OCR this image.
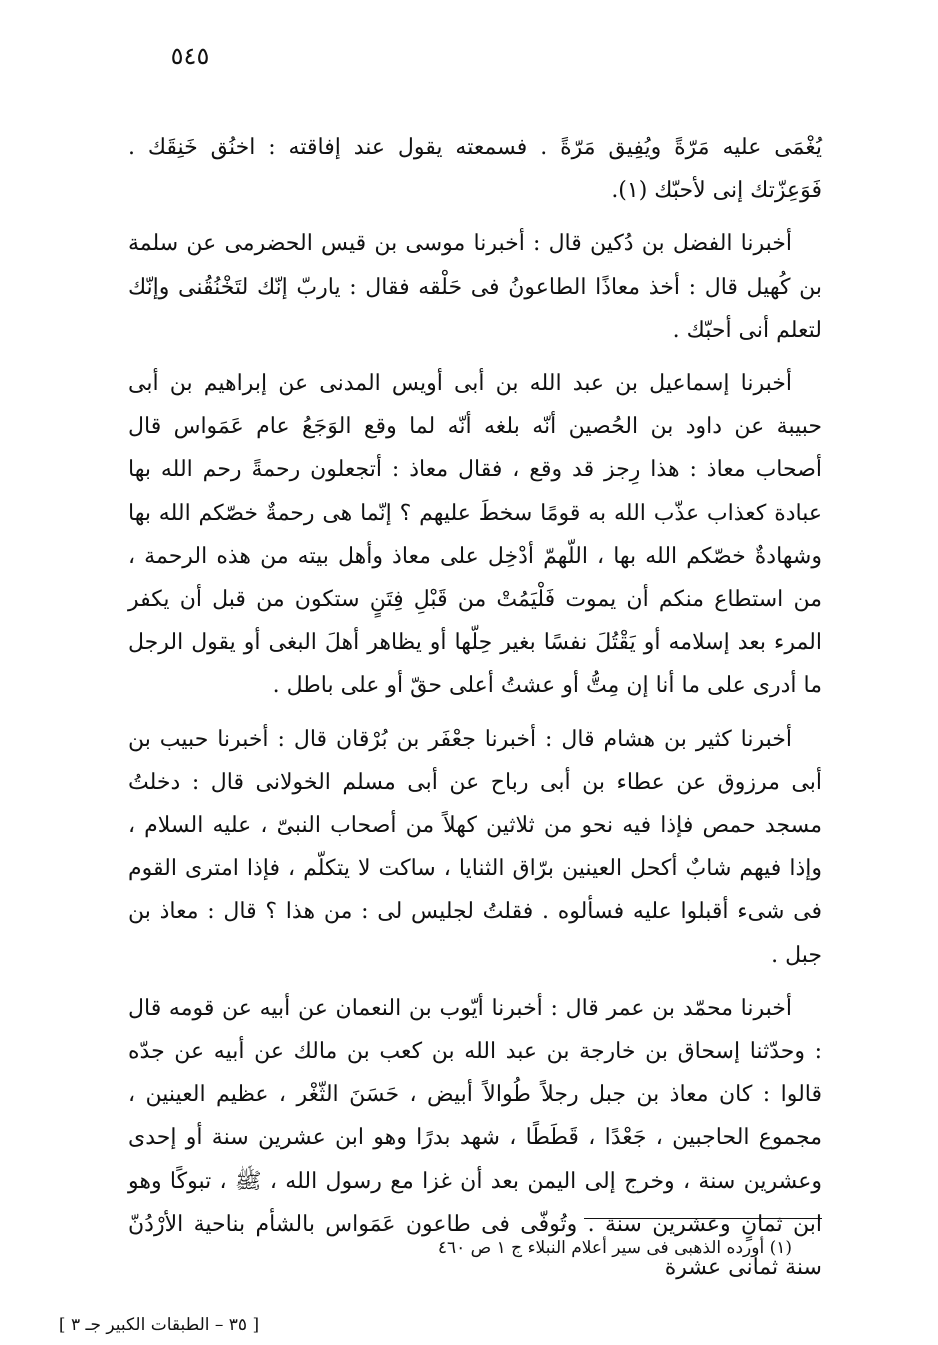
٥٤٥

يُغْمَى عليه مَرّةً ويُفِيق مَرّةً . فسمعته يقول عند إفاقته : اخنُق خَنِقَك . فَوَعِزّتك إنى لأحبّك (١).

أخبرنا الفضل بن دُكين قال : أخبرنا موسى بن قيس الحضرمى عن سلمة بن كُهيل قال : أخذ معاذًا الطاعونُ فى حَلْقه فقال : ياربّ إنّك لتَخْنُقُنى وإنّك لتعلم أنى أحبّك .

أخبرنا إسماعيل بن عبد الله بن أبى أويس المدنى عن إبراهيم بن أبى حبيبة عن داود بن الحُصين أنّه بلغه أنّه لما وقع الوَجَعُ عام عَمَواس قال أصحاب معاذ : هذا رِجز قد وقع ، فقال معاذ : أتجعلون رحمةً رحم الله بها عبادة كعذاب عذّب الله به قومًا سخطَ عليهم ؟ إنّما هى رحمةٌ خصّكم الله بها وشهادةٌ خصّكم الله بها ، اللّهمّ أدْخِل على معاذ وأهل بيته من هذه الرحمة ، من استطاع منكم أن يموت فَلْيَمُتْ من قَبْلِ فِتَنٍ ستكون من قبل أن يكفر المرء بعد إسلامه أو يَقْتُلَ نفسًا بغير حِلّها أو يظاهر أهلَ البغى أو يقول الرجل ما أدرى على ما أنا إن مِتُّ أو عشتُ أعلى حقّ أو على باطل .

أخبرنا كثير بن هشام قال : أخبرنا جعْفَر بن بُرْقان قال : أخبرنا حبيب بن أبى مرزوق عن عطاء بن أبى رباح عن أبى مسلم الخولانى قال : دخلتُ مسجد حمص فإذا فيه نحو من ثلاثين كهلاً من أصحاب النبىّ ، عليه السلام ، وإذا فيهم شابٌ أكحل العينين برّاق الثنايا ، ساكت لا يتكلّم ، فإذا امترى القوم فى شىء أقبلوا عليه فسألوه . فقلتُ لجليس لى : من هذا ؟ قال : معاذ بن جبل .

أخبرنا محمّد بن عمر قال : أخبرنا أيّوب بن النعمان عن أبيه عن قومه قال : وحدّثنا إسحاق بن خارجة بن عبد الله بن كعب بن مالك عن أبيه عن جدّه قالوا : كان معاذ بن جبل رجلاً طُوالاً أبيض ، حَسَنَ الثّغْر ، عظيم العينين ، مجموع الحاجبين ، جَعْدًا ، قَطَطًا ، شهد بدرًا وهو ابن عشرين سنة أو إحدى وعشرين سنة ، وخرج إلى اليمن بعد أن غزا مع رسول الله ، ﷺ ، تبوكًا وهو ابن ثمانٍ وعشرين سنة . وتُوفّى فى طاعون عَمَواس بالشأم بناحية الأرْدُنّ سنة ثمانى عشرة

(١) أورده الذهبى فى سير أعلام النبلاء ج ١ ص ٤٦٠
[ ٣٥ – الطبقات الكبير جـ ٣ ]
